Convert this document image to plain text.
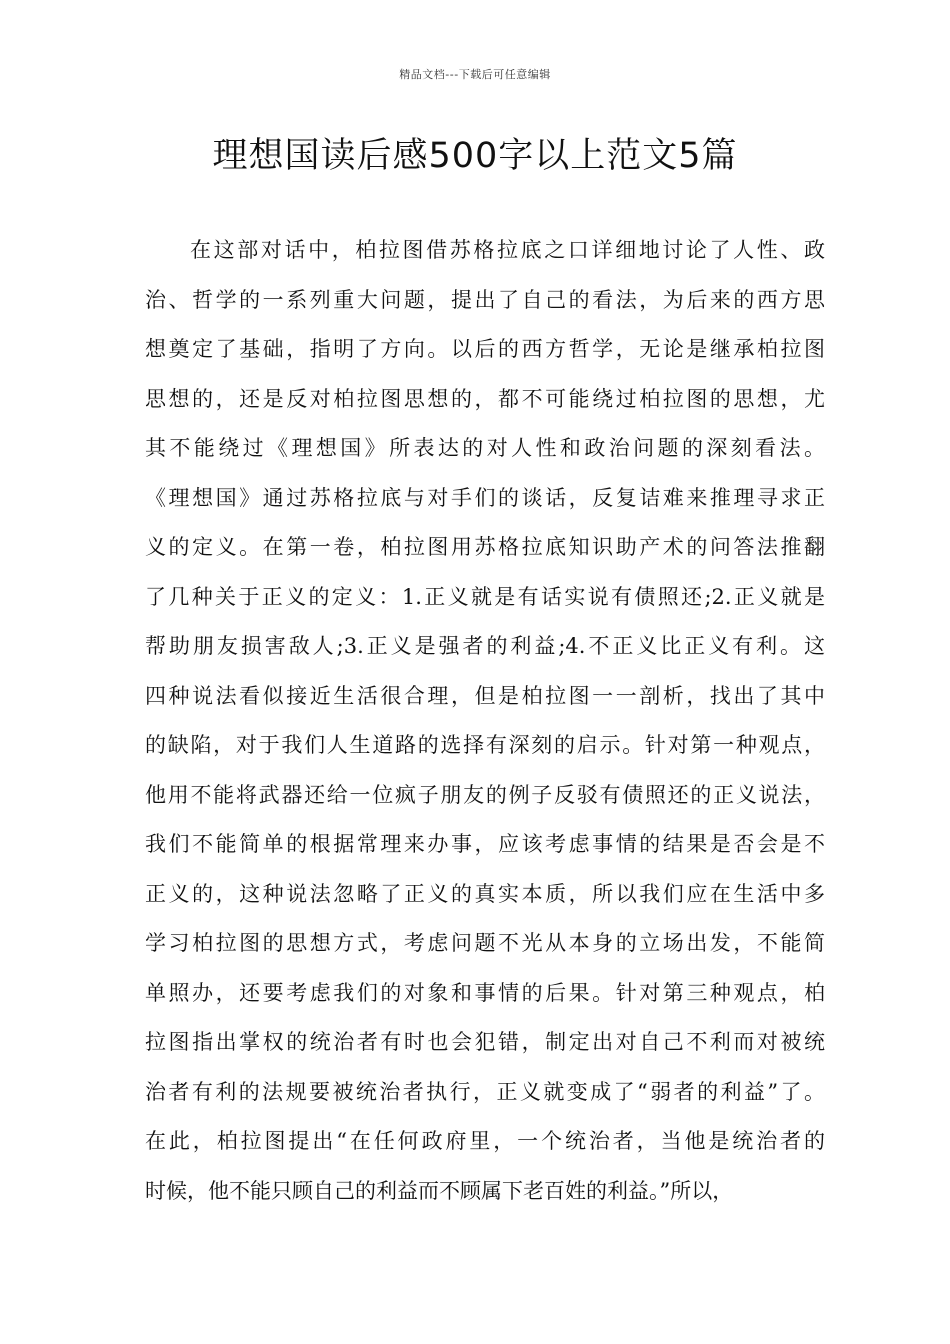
精品文档---下载后可任意编辑
理想国读后感500字以上范文5篇
在这部对话中，柏拉图借苏格拉底之口详细地讨论了人性、政
治、哲学的一系列重大问题，提出了自己的看法，为后来的西方思
想奠定了基础，指明了方向。以后的西方哲学，无论是继承柏拉图
思想的，还是反对柏拉图思想的，都不可能绕过柏拉图的思想，尤
其不能绕过《理想国》所表达的对人性和政治问题的深刻看法。
《理想国》通过苏格拉底与对手们的谈话，反复诘难来推理寻求正
义的定义。在第一卷，柏拉图用苏格拉底知识助产术的问答法推翻
了几种关于正义的定义：1.正义就是有话实说有债照还;2.正义就是
帮助朋友损害敌人;3.正义是强者的利益;4.不正义比正义有利。这
四种说法看似接近生活很合理，但是柏拉图一一剖析，找出了其中
的缺陷，对于我们人生道路的选择有深刻的启示。针对第一种观点，
他用不能将武器还给一位疯子朋友的例子反驳有债照还的正义说法，
我们不能简单的根据常理来办事，应该考虑事情的结果是否会是不
正义的，这种说法忽略了正义的真实本质，所以我们应在生活中多
学习柏拉图的思想方式，考虑问题不光从本身的立场出发，不能简
单照办，还要考虑我们的对象和事情的后果。针对第三种观点，柏
拉图指出掌权的统治者有时也会犯错，制定出对自己不利而对被统
治者有利的法规要被统治者执行，正义就变成了“弱者的利益”了。
在此，柏拉图提出“在任何政府里，一个统治者，当他是统治者的
时候，他不能只顾自己的利益而不顾属下老百姓的利益。”所以，
